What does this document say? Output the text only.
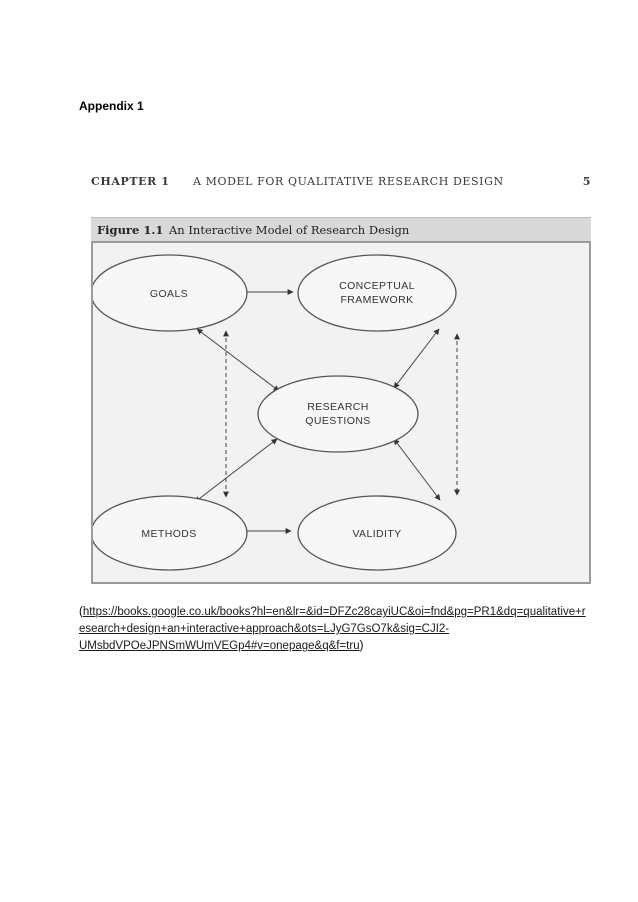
Appendix 1
CHAPTER 1 A MODEL FOR QUALITATIVE RESEARCH DESIGN	5
Figure 1.1 An Interactive Model of Research Design
GOALS
CONCEPTUAL
FRAMEWORK
RESEARCH
QUESTIONS
METHODS	VALIDITY
(https://books.google.co.uk/books?hl=en&lr=&id=DFZc28cayiUC&oi=fnd&pg=PR1&dq=qualitative+r
esearch+design+an+interactive+approach&ots=LJyG7GsO7k&sig=CJI2-
UMsbdVPOeJPNSmWUmVEGp4#v=onepage&q&f=tru)
